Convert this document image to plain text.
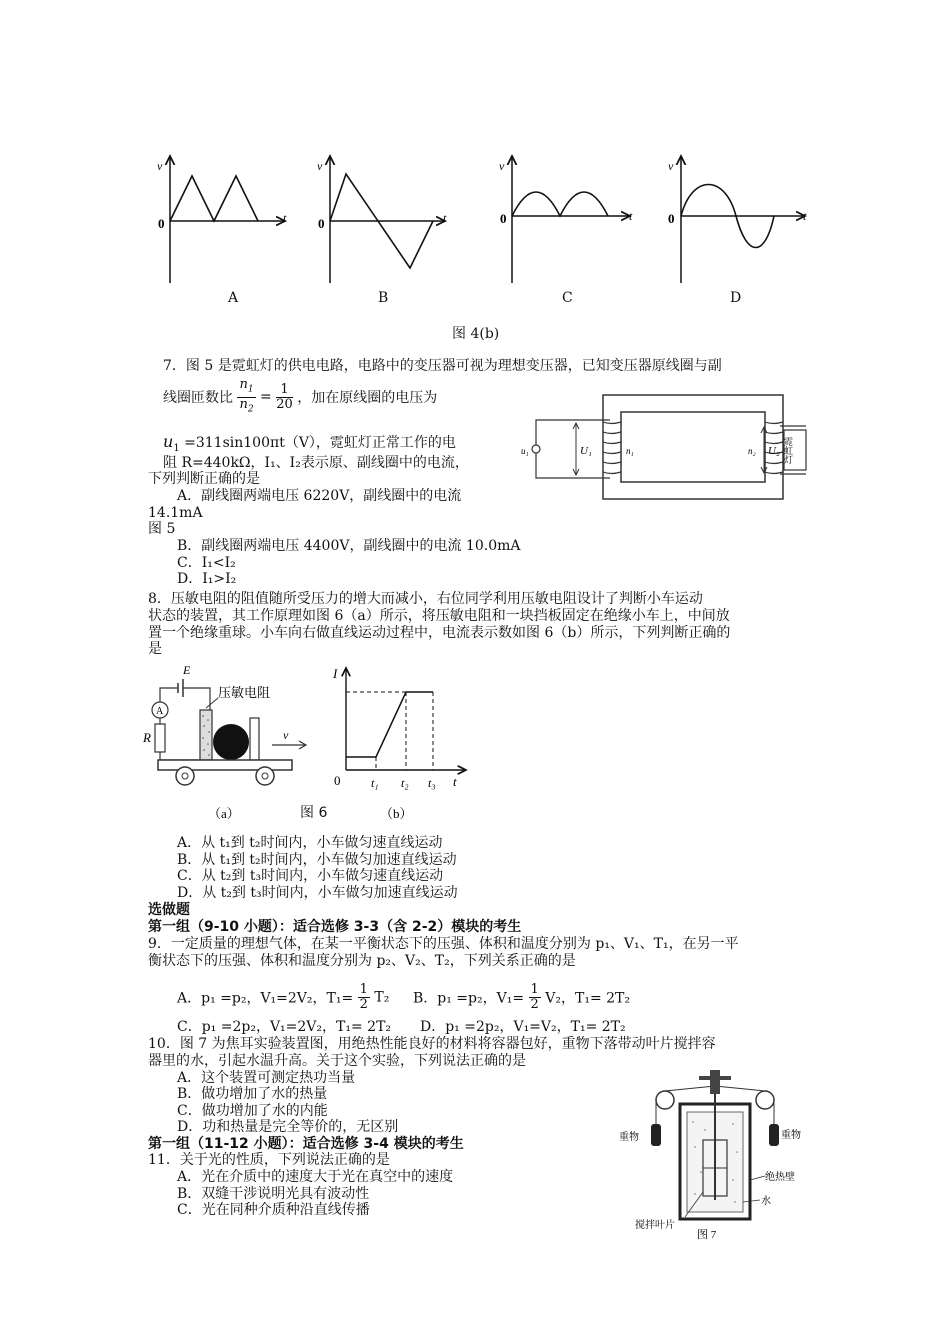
v
t
0
v
t
0
v
t
0
v
t
0
A	B	C	D
图 4(b)
7．图 5 是霓虹灯的供电电路，电路中的变压器可视为理想变压器，已知变压器原线圈与副
线圈匝数比 $\frac{n_1}{n_2} = \frac{1}{20}$ ，加在原线圈的电压为
$u_1 =311\sin 100\pi t(V)$，霓虹灯正常工作的电
阻 R=440kΩ，I₁、I₂表示原、副线圈中的电流，
下列判断正确的是
A．副线圈两端电压 6220V，副线圈中的电流
14.1mA
图 5
B．副线圈两端电压 4400V，副线圈中的电流 10.0mA
C．I₁<I₂
D．I₁>I₂
u₁	U₁	n₁	n₂	霓虹灯
U₂
8．压敏电阻的阻值随所受压力的增大而减小，右位同学利用压敏电阻设计了判断小车运动
状态的装置，其工作原理如图 6（a）所示，将压敏电阻和一块挡板固定在绝缘小车上，中间放
置一个绝缘重球。小车向右做直线运动过程中，电流表示数如图 6（b）所示，下列判断正确的
是
E
A
R
压敏电阻
v
（a）	图 6
I
t
0	t₁ t₂ t₃
（b）
A．从 t₁到 t₂时间内，小车做匀速直线运动
B．从 t₁到 t₂时间内，小车做匀加速直线运动
C．从 t₂到 t₃时间内，小车做匀速直线运动
D．从 t₂到 t₃时间内，小车做匀加速直线运动
选做题
第一组（9-10 小题）：适合选修 3-3（含 2-2）模块的考生
9．一定质量的理想气体，在某一平衡状态下的压强、体积和温度分别为 p₁、V₁、T₁，在另一平
衡状态下的压强、体积和温度分别为 p₂、V₂、T₂，下列关系正确的是
A．p₁ =p₂，V₁=2V₂，$T_1= \frac{1}{2} T_2$ B．p₁ =p₂，$V_1= \frac{1}{2} V_2$，T₁= 2T₂
C．p₁ =2p₂，V₁=2V₂，T₁= 2T₂ D．p₁ =2p₂，V₁=V₂，T₁= 2T₂
10．图 7 为焦耳实验装置图，用绝热性能良好的材料将容器包好，重物下落带动叶片搅拌容
器里的水，引起水温升高。关于这个实验，下列说法正确的是
A．这个装置可测定热功当量
B．做功增加了水的热量
C．做功增加了水的内能
D．功和热量是完全等价的，无区别
第一组（11-12 小题）：适合选修 3-4 模块的考生
11．关于光的性质，下列说法正确的是
A．光在介质中的速度大于光在真空中的速度
B．双缝干涉说明光具有波动性
C．光在同种介质种沿直线传播
重物	重物
绝热壁
水
搅拌叶片
图 7
